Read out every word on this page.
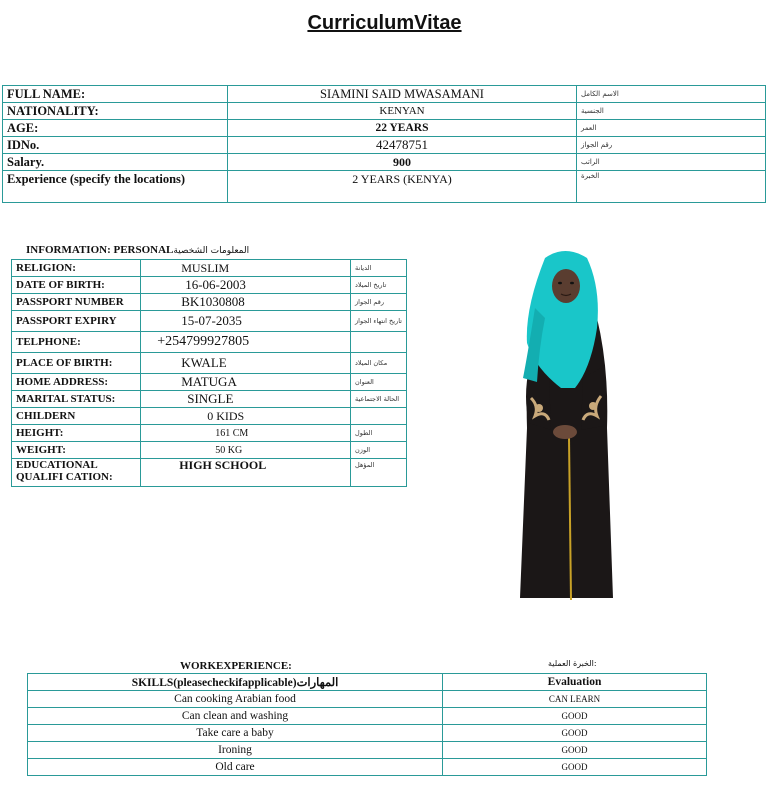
CurriculumVitae
FULL NAME:	SIAMINI SAID MWASAMANI	الاسم الكامل
NATIONALITY:	KENYAN	الجنسية
AGE:	22 YEARS	العمر
IDNo.	42478751	رقم الجواز
Salary.	900	الراتب
Experience (specify the locations)	2 YEARS (KENYA)	الخبرة
INFORMATION: PERSONALالمعلومات الشخصية
RELIGION:	MUSLIM	الديانة
DATE OF BIRTH:	16-06-2003	تاريخ الميلاد
PASSPORT NUMBER	BK1030808	رقم الجواز
PASSPORT EXPIRY	15-07-2035	تاريخ انتهاء الجواز
TELPHONE:	+254799927805	
PLACE OF BIRTH:	KWALE	مكان الميلاد
HOME ADDRESS:	MATUGA	العنوان
MARITAL STATUS:	SINGLE	الحالة الاجتماعية
CHILDERN	0 KIDS	
HEIGHT:	161 CM	الطول
WEIGHT:	50 KG	الوزن
EDUCATIONAL QUALIFI CATION:	HIGH SCHOOL	المؤهل
WORKEXPERIENCE:	الخبرة العملية:
SKILLS(pleasecheckifapplicable)المهارات	Evaluation
Can cooking Arabian food	CAN LEARN
Can clean and washing	GOOD
Take care a baby	GOOD
Ironing	GOOD
Old care	GOOD
